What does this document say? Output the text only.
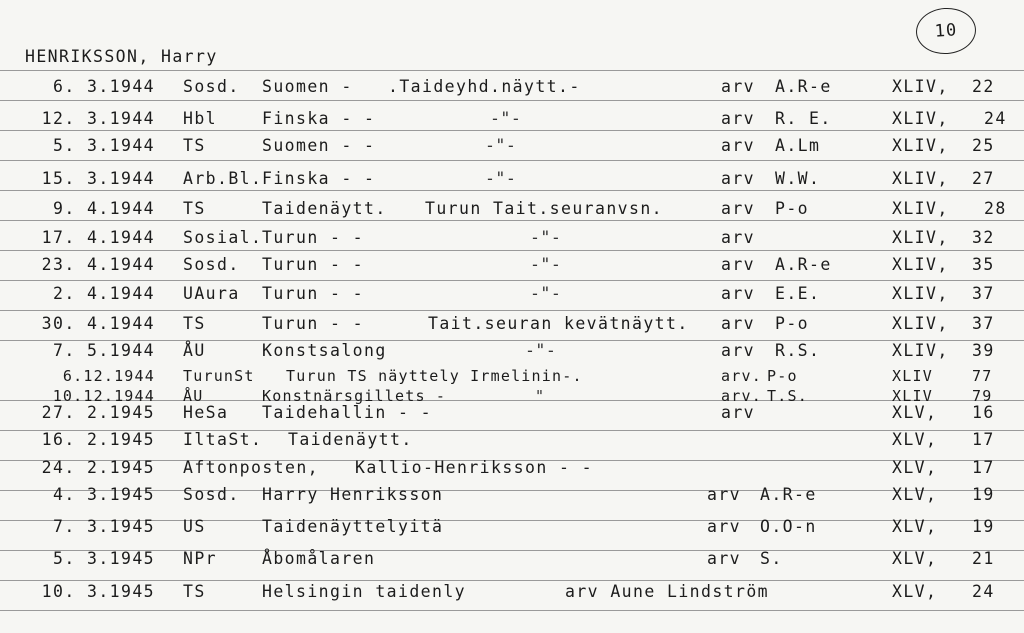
10
HENRIKSSON, Harry
6. 3.1944 Sosd. Suomen - .Taideyhd.näytt.-	arv A.R-e	XLIV, 22
12. 3.1944 Hbl	Finska - -	-"-	arv R. E.	XLIV, 24
5. 3.1944 TS	Suomen - -	-"-	arv A.Lm	XLIV, 25
15. 3.1944 Arb.Bl. Finska - -	-"-	arv W.W.	XLIV, 27
9. 4.1944 TS	Taidenäytt. Turun Tait.seuranvsn.	arv P-o	XLIV, 28
17. 4.1944 Sosial. Turun - -	-"-	arv	XLIV, 32
23. 4.1944 Sosd. Turun - -	-"-	arv A.R-e	XLIV, 35
2. 4.1944 UAura Turun - -	-"-	arv E.E.	XLIV, 37
30. 4.1944 TS	Turun - -	Tait.seuran kevätnäytt. arv P-o	XLIV, 37
7. 5.1944 ÅU	Konstsalong	-"-	arv R.S.	XLIV, 39
6.12.1944 TurunSt Turun TS näyttely Irmelinin-.	arv. P-o	XLIV	77
10.12.1944 ÅU	Konstnärsgillets -	"	arv. T.S.	XLIV	79
27. 2.1945 HeSa Taidehallin - -	arv	XLV, 16
16. 2.1945 IltaSt. Taidenäytt.	XLV, 17
24. 2.1945 Aftonposten, Kallio-Henriksson - -	XLV, 17
4. 3.1945 Sosd. Harry Henriksson	arv A.R-e	XLV, 19
7. 3.1945 US	Taidenäyttelyitä	arv O.O-n	XLV, 19
5. 3.1945 NPr	Åbomålaren	arv S.	XLV, 21
10. 3.1945 TS	Helsingin taidenly	arv Aune Lindström	XLV, 24
